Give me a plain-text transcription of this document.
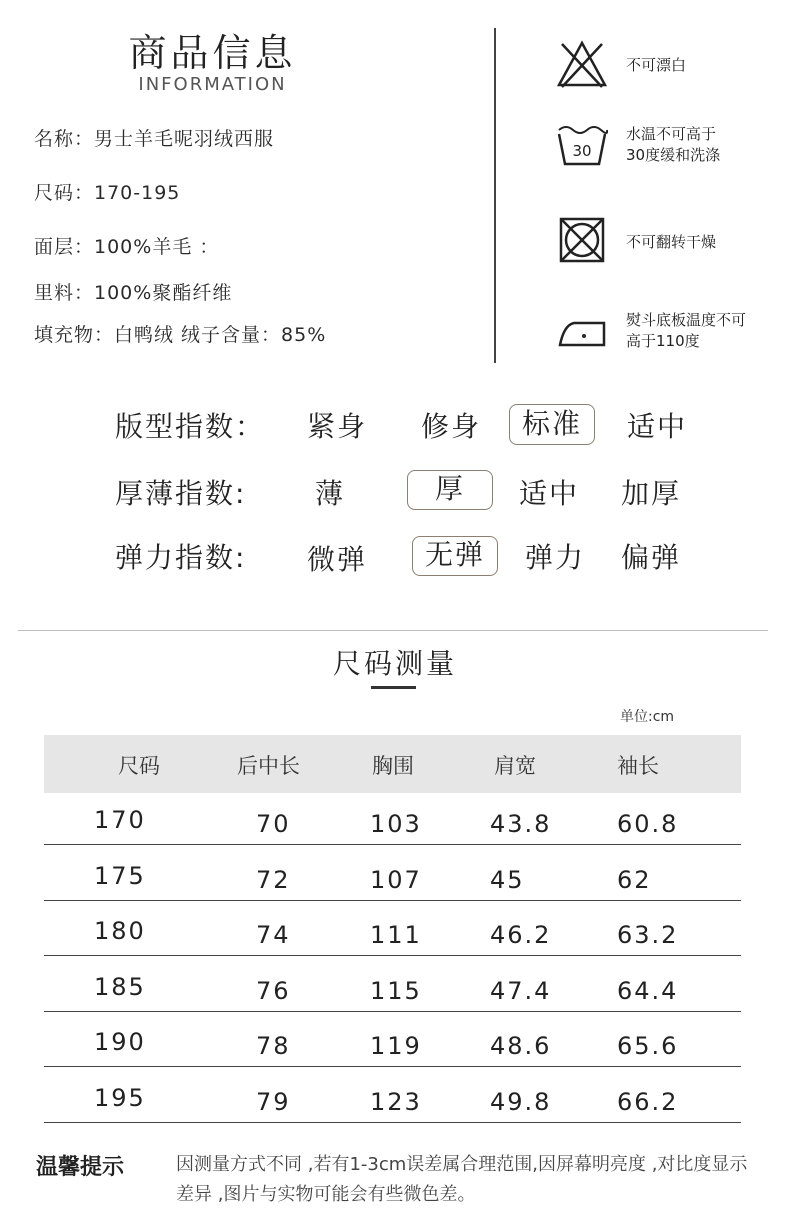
商品信息
INFORMATION
名称：男士羊毛呢羽绒西服
尺码：170-195
面层：100%羊毛 ：
里料：100%聚酯纤维
填充物：白鸭绒 绒子含量：85%
不可漂白
30
水温不可高于
30度缓和洗涤
不可翻转干燥
熨斗底板温度不可
高于110度
版型指数： 紧身 修身	标准	适中
厚薄指数:	薄	厚	适中 加厚
弹力指数: 微弹	无弹	弹力 偏弹
尺码测量
单位:cm
尺码	后中长	胸围	肩宽	袖长
170	70	103	43.8	60.8
175	72	107	45	62
180	74	111	46.2	63.2
185	76	115	47.4	64.4
190	78	119	48.6	65.6
195	79	123	49.8	66.2
温馨提示	因测量方式不同 ,若有1-3cm误差属合理范围,因屏幕明亮度 ,对比度显示差异 ,图片与实物可能会有些微色差。
